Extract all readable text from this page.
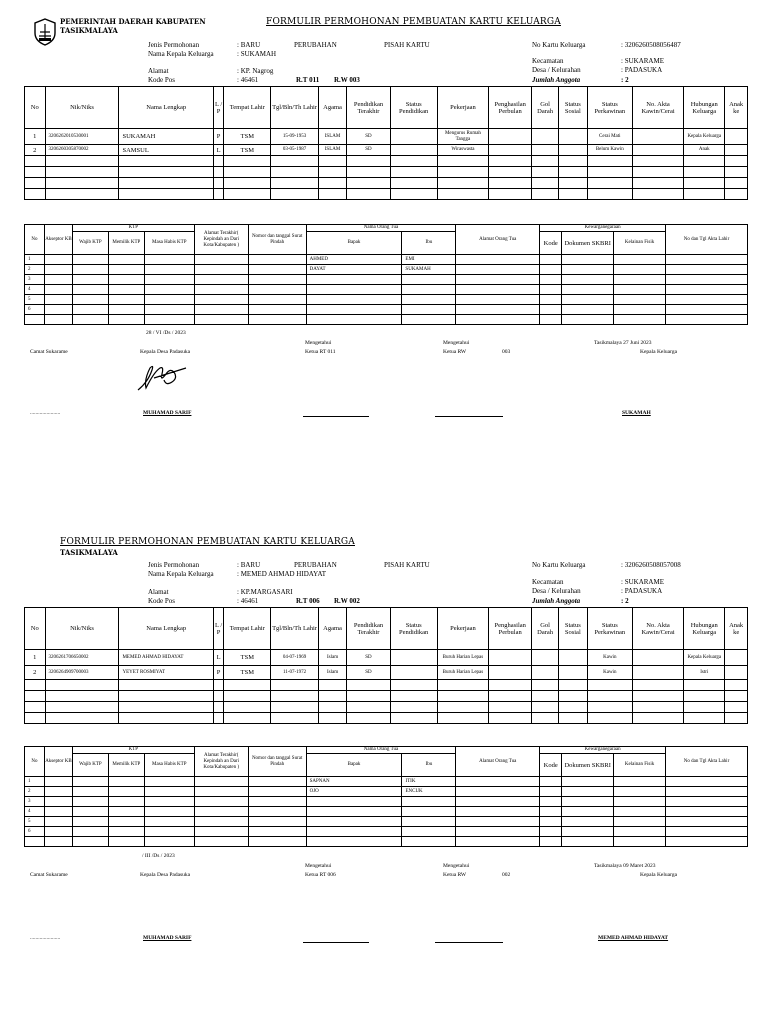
PEMERINTAH DAERAH KABUPATEN
TASIKMALAYA
FORMULIR PERMOHONAN PEMBUATAN KARTU KELUARGA
Jenis Permohonan	: BARU	PERUBAHAN	PISAH KARTU	No Kartu Keluarga	: 3206260508056487
Nama Kepala Keluarga	: SUKAMAH
Kecamatan	: SUKARAME
Alamat	: KP. Nagrog	Desa / Kelurahan	: PADASUKA
Kode Pos	: 46461	R.T 011 R.W 003	Jumlah Anggota	: 2
No	Nik/Niks	Nama Lengkap	L / P	Tempat Lahir	Tgl/Bln/Th Lahir	Agama	Pendidikan Terakhir	Status Pendidikan	Pekerjaan	Penghasilan Perbulan	Gol Darah	Status Sosial	Status Perkawinan	No. Akta Kawin/Cerai	Hubungan Keluarga	Anak ke
1	3206262010530001	SUKAMAH	P	TSM	15-09-1953	ISLAM	SD		Mengurus Rumah Tangga				Cerai Mati		Kepala Keluarga	
2	3206260305870002	SAMSUL	L	TSM	03-05-1987	ISLAM	SD		Wiraswasta				Belum Kawin		Anak	

No	Akseptor KB	KTP			Alamat Terakhir( Kepindah an Dari Kota/Kabupaten )	Nomor dan tanggal Surat Pindah	Nama Orang Tua		Alamat Orang Tua	Kewarganegaraan			No dan Tgl Akta Lahir
		Wajib KTP	Memilik KTP	Masa Habis KTP			Bapak	Ibu		Kode	Dokumen SKBRI	Kelainan Fisik	
1							AHMED	EMI					
2							DAYAT	SUKAMAH					
3													
4													
5													
6													

28 / VI /Ds / 2023
Mengetahui	Mengetahui	Tasikmalaya 27 Juni 2023
Camat Sukarame	Kepala Desa Padasuka	Ketua RT 011	Ketua RW	003	Kepala Keluarga
......................	MUHAMAD SARIF	SUKAMAH
FORMULIR PERMOHONAN PEMBUATAN KARTU KELUARGA
TASIKMALAYA
Jenis Permohonan	: BARU	PERUBAHAN	PISAH KARTU	No Kartu Keluarga	: 3206260508057008
Nama Kepala Keluarga	: MEMED AHMAD HIDAYAT
Kecamatan	: SUKARAME
Alamat	: KP.MARGASARI	Desa / Kelurahan	: PADASUKA
Kode Pos	: 46461	R.T 006 R.W 002	Jumlah Anggota	: 2
No	Nik/Niks	Nama Lengkap	L / P	Tempat Lahir	Tgl/Bln/Th Lahir	Agama	Pendidikan Terakhir	Status Pendidikan	Pekerjaan	Penghasilan Perbulan	Gol Darah	Status Sosial	Status Perkawinan	No. Akta Kawin/Cerai	Hubungan Keluarga	Anak ke
1	3206261706650002	MEMED AHMAD HIDAYAT	L	TSM	04-07-1969	Islam	SD		Buruh Harian Lepas				Kawin		Kepala Keluarga	
2	3206264909700003	YEYET ROSMIYAT	P	TSM	11-07-1972	Islam	SD		Buruh Harian Lepas				Kawin		Istri	

No	Akseptor KB	KTP			Alamat Terakhir( Kepindah an Dari Kota/Kabupaten )	Nomor dan tanggal Surat Pindah	Nama Orang Tua		Alamat Orang Tua	Kewarganegaraan			No dan Tgl Akta Lahir
		Wajib KTP	Memilik KTP	Masa Habis KTP			Bapak	Ibu		Kode	Dokumen SKBRI	Kelainan Fisik	
1							SAPNAN	ITIK					
2							OJO	ENCUK					
3													
4													
5													
6													

/ III /Ds / 2023
Mengetahui	Mengetahui	Tasikmalaya 09 Maret 2023
Camat Sukarame	Kepala Desa Padasuka	Ketua RT 006	Ketua RW	002	Kepala Keluarga
......................	MUHAMAD SARIF	MEMED AHMAD HIDAYAT
